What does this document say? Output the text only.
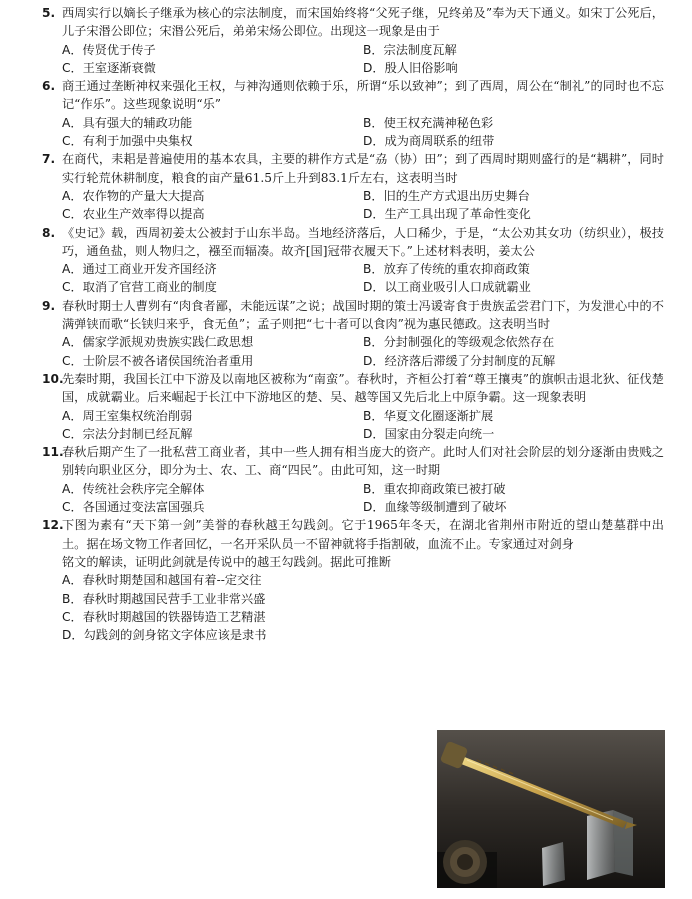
5. 西周实行以嫡长子继承为核心的宗法制度，而宋国始终将“父死子继，兄终弟及”奉为天下通义。如宋丁公死后，儿子宋湣公即位；宋湣公死后，弟弟宋炀公即位。出现这一现象是由于
A．传贤优于传子	B．宗法制度瓦解
C．王室逐渐衰微	D．殷人旧俗影响
6. 商王通过垄断神权来强化王权，与神沟通则依赖于乐，所谓“乐以致神”；到了西周，周公在“制礼”的同时也不忘记“作乐”。这些现象说明“乐”
A．具有强大的辅政功能	B．使王权充满神秘色彩
C．有利于加强中央集权	D．成为商周联系的纽带
7. 在商代，耒耜是普遍使用的基本农具，主要的耕作方式是“劦（协）田”；到了西周时期则盛行的是“耦耕”，同时实行轮荒休耕制度，粮食的亩产量61.5斤上升到83.1斤左右，这表明当时
A．农作物的产量大大提高	B．旧的生产方式退出历史舞台
C．农业生产效率得以提高	D．生产工具出现了革命性变化
8. 《史记》载，西周初姜太公被封于山东半岛。当地经济落后，人口稀少，于是，“太公劝其女功（纺织业），极技巧，通鱼盐，则人物归之，襁至而辐凑。故齐[国]冠带衣履天下。”上述材料表明，姜太公
A．通过工商业开发齐国经济	B．放弃了传统的重农抑商政策
C．取消了官营工商业的制度	D．以工商业吸引人口成就霸业
9. 春秋时期士人曹刿有“肉食者鄙，未能远谋”之说；战国时期的策士冯谖寄食于贵族孟尝君门下，为发泄心中的不满弹铗而歌“长铗归来乎，食无鱼”；孟子则把“七十者可以食肉”视为惠民德政。这表明当时
A．儒家学派规劝贵族实践仁政思想	B．分封制强化的等级观念依然存在
C．士阶层不被各诸侯国统治者重用	D．经济落后滞缓了分封制度的瓦解
10.
先秦时期，我国长江中下游及以南地区被称为“南蛮”。春秋时，齐桓公打着“尊王攘夷”的旗帜击退北狄、征伐楚国，成就霸业。后来崛起于长江中下游地区的楚、吴、越等国又先后北上中原争霸。这一现象表明
A．周王室集权统治削弱	B．华夏文化圈逐渐扩展
C．宗法分封制已经瓦解	D．国家由分裂走向统一
11.
春秋后期产生了一批私营工商业者，其中一些人拥有相当庞大的资产。此时人们对社会阶层的划分逐渐由贵贱之别转向职业区分，即分为士、农、工、商“四民”。由此可知，这一时期
A．传统社会秩序完全解体	B．重农抑商政策已被打破
C．各国通过变法富国强兵	D．血缘等级制遭到了破坏
12.
下图为素有“天下第一剑”美誉的春秋越王勾践剑。它于1965年冬天，在湖北省荆州市附近的望山楚墓群中出土。据在场文物工作者回忆，一名开采队员一不留神就将手指割破，血流不止。专家通过对剑身
铭文的解读，证明此剑就是传说中的越王勾践剑。据此可推断
A．春秋时期楚国和越国有着--定交往
B．春秋时期越国民营手工业非常兴盛
C．春秋时期越国的铁器铸造工艺精湛
D．勾践剑的剑身铭文字体应该是隶书
